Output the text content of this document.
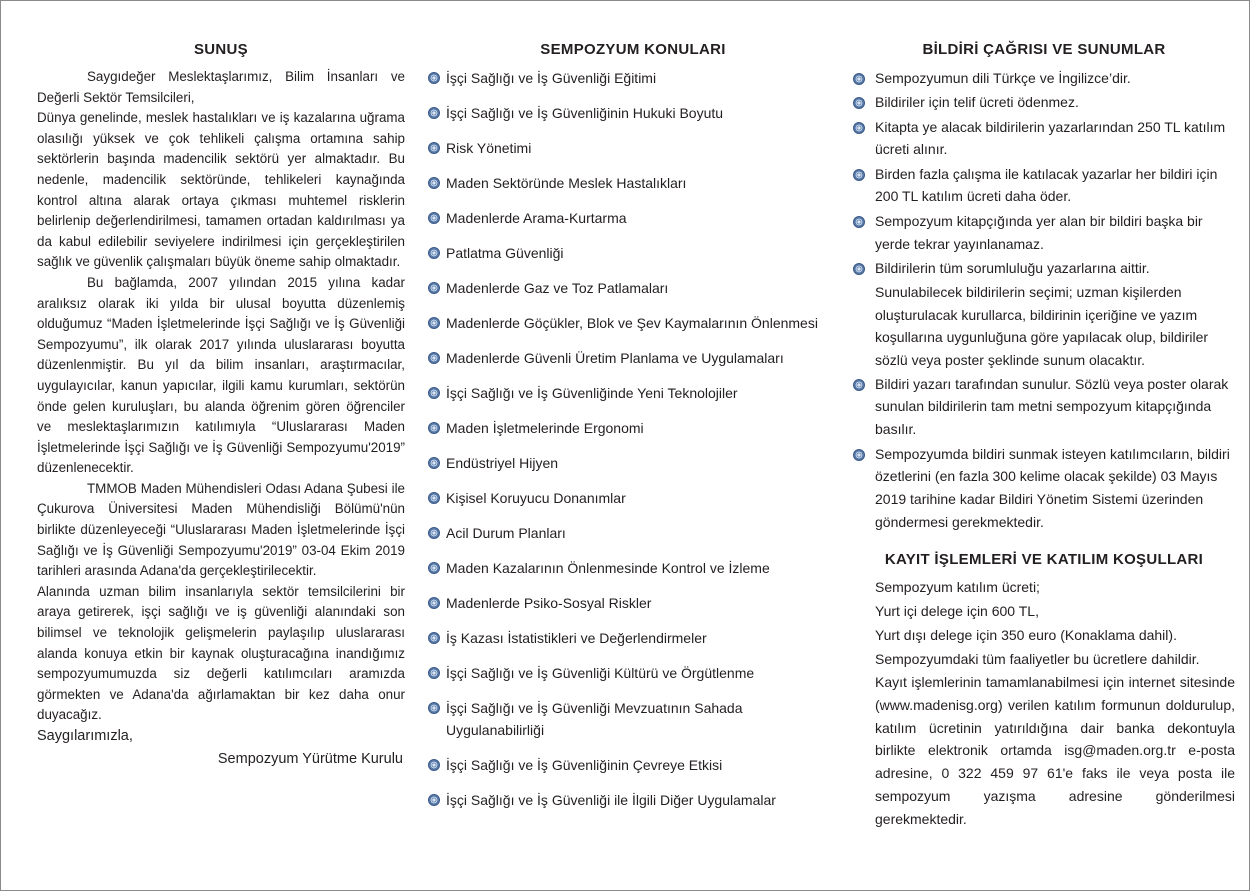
SUNUŞ

Saygıdeğer Meslektaşlarımız, Bilim İnsanları ve Değerli Sektör Temsilcileri,

Dünya genelinde, meslek hastalıkları ve iş kazalarına uğrama olasılığı yüksek ve çok tehlikeli çalışma ortamına sahip sektörlerin başında madencilik sektörü yer almaktadır. Bu nedenle, madencilik sektöründe, tehlikeleri kaynağında kontrol altına alarak ortaya çıkması muhtemel risklerin belirlenip değerlendirilmesi, tamamen ortadan kaldırılması ya da kabul edilebilir seviyelere indirilmesi için gerçekleştirilen sağlık ve güvenlik çalışmaları büyük öneme sahip olmaktadır.

Bu bağlamda, 2007 yılından 2015 yılına kadar aralıksız olarak iki yılda bir ulusal boyutta düzenlemiş olduğumuz “Maden İşletmelerinde İşçi Sağlığı ve İş Güvenliği Sempozyumu”, ilk olarak 2017 yılında uluslararası boyutta düzenlenmiştir. Bu yıl da bilim insanları, araştırmacılar, uygulayıcılar, kanun yapıcılar, ilgili kamu kurumları, sektörün önde gelen kuruluşları, bu alanda öğrenim gören öğrenciler ve meslektaşlarımızın katılımıyla “Uluslararası Maden İşletmelerinde İşçi Sağlığı ve İş Güvenliği Sempozyumu'2019” düzenlenecektir.

TMMOB Maden Mühendisleri Odası Adana Şubesi ile Çukurova Üniversitesi Maden Mühendisliği Bölümü'nün birlikte düzenleyeceği “Uluslararası Maden İşletmelerinde İşçi Sağlığı ve İş Güvenliği Sempozyumu'2019” 03-04 Ekim 2019 tarihleri arasında Adana'da gerçekleştirilecektir.

Alanında uzman bilim insanlarıyla sektör temsilcilerini bir araya getirerek, işçi sağlığı ve iş güvenliği alanındaki son bilimsel ve teknolojik gelişmelerin paylaşılıp uluslararası alanda konuya etkin bir kaynak oluşturacağına inandığımız sempozyumumuzda siz değerli katılımcıları aramızda görmekten ve Adana'da ağırlamaktan bir kez daha onur duyacağız.

Saygılarımızla,

Sempozyum Yürütme Kurulu

SEMPOZYUM KONULARI
İşçi Sağlığı ve İş Güvenliği Eğitimi
İşçi Sağlığı ve İş Güvenliğinin Hukuki Boyutu
Risk Yönetimi
Maden Sektöründe Meslek Hastalıkları
Madenlerde Arama-Kurtarma
Patlatma Güvenliği
Madenlerde Gaz ve Toz Patlamaları
Madenlerde Göçükler, Blok ve Şev Kaymalarının Önlenmesi
Madenlerde Güvenli Üretim Planlama ve Uygulamaları
İşçi Sağlığı ve İş Güvenliğinde Yeni Teknolojiler
Maden İşletmelerinde Ergonomi
Endüstriyel Hijyen
Kişisel Koruyucu Donanımlar
Acil Durum Planları
Maden Kazalarının Önlenmesinde Kontrol ve İzleme
Madenlerde Psiko-Sosyal Riskler
İş Kazası İstatistikleri ve Değerlendirmeler
İşçi Sağlığı ve İş Güvenliği Kültürü ve Örgütlenme
İşçi Sağlığı ve İş Güvenliği Mevzuatının Sahada Uygulanabilirliği
İşçi Sağlığı ve İş Güvenliğinin Çevreye Etkisi
İşçi Sağlığı ve İş Güvenliği ile İlgili Diğer Uygulamalar
BİLDİRİ ÇAĞRISI VE SUNUMLAR
Sempozyumun dili Türkçe ve İngilizce’dir.
Bildiriler için telif ücreti ödenmez.
Kitapta ye alacak bildirilerin yazarlarından 250 TL katılım ücreti alınır.
Birden fazla çalışma ile katılacak yazarlar her bildiri için 200 TL katılım ücreti daha öder.
Sempozyum kitapçığında yer alan bir bildiri başka bir yerde tekrar yayınlanamaz.
Bildirilerin tüm sorumluluğu yazarlarına aittir.

Sunulabilecek bildirilerin seçimi; uzman kişilerden oluşturulacak kurullarca, bildirinin içeriğine ve yazım koşullarına uygunluğuna göre yapılacak olup, bildiriler sözlü veya poster şeklinde sunum olacaktır.

Bildiri yazarı tarafından sunulur. Sözlü veya poster olarak sunulan bildirilerin tam metni sempozyum kitapçığında basılır.
Sempozyumda bildiri sunmak isteyen katılımcıların, bildiri özetlerini (en fazla 300 kelime olacak şekilde) 03 Mayıs 2019 tarihine kadar Bildiri Yönetim Sistemi üzerinden göndermesi gerekmektedir.
KAYIT İŞLEMLERİ VE KATILIM KOŞULLARI

Sempozyum katılım ücreti;

Yurt içi delege için 600 TL,

Yurt dışı delege için 350 euro (Konaklama dahil).

Sempozyumdaki tüm faaliyetler bu ücretlere dahildir.

Kayıt işlemlerinin tamamlanabilmesi için internet sitesinde (www.madenisg.org) verilen katılım formunun doldurulup, katılım ücretinin yatırıldığına dair banka dekontuyla birlikte elektronik ortamda isg@maden.org.tr e-posta adresine, 0 322 459 97 61'e faks ile veya posta ile sempozyum yazışma adresine gönderilmesi gerekmektedir.
